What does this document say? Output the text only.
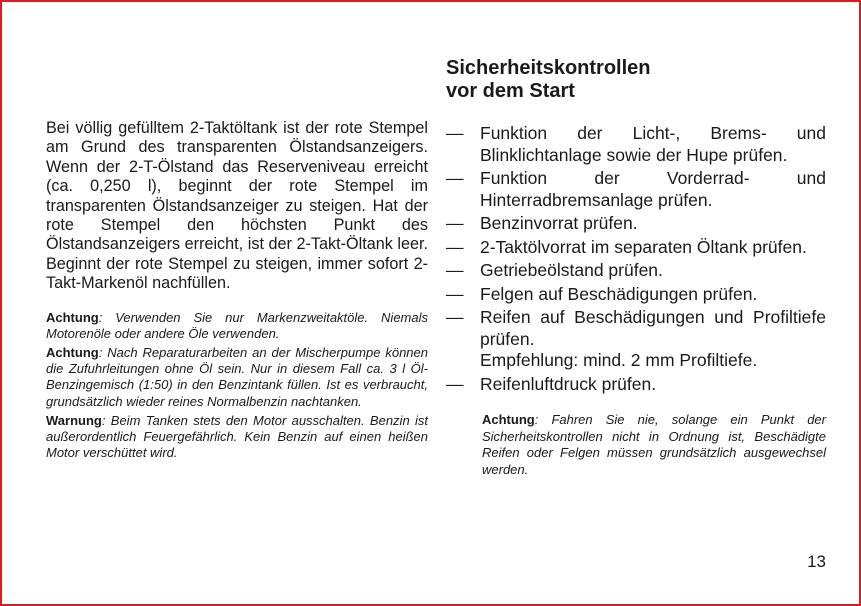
Bei völlig gefülltem 2-Taktöltank ist der rote Stempel am Grund des transparenten Ölstandsanzeigers. Wenn der 2-T-Ölstand das Reserveniveau erreicht (ca. 0,250 l), beginnt der rote Stempel im transparenten Ölstandsanzeiger zu steigen. Hat der rote Stempel den höchsten Punkt des Ölstandsanzeigers erreicht, ist der 2-Takt-Öltank leer. Beginnt der rote Stempel zu steigen, immer sofort 2-Takt-Markenöl nachfüllen.

Achtung: Verwenden Sie nur Markenzweitaktöle. Niemals Motorenöle oder andere Öle verwenden.

Achtung: Nach Reparaturarbeiten an der Mischerpumpe können die Zufuhrleitungen ohne Öl sein. Nur in diesem Fall ca. 3 l Öl-Benzingemisch (1:50) in den Benzintank füllen. Ist es verbraucht, grundsätzlich wieder reines Normalbenzin nachtanken.

Warnung: Beim Tanken stets den Motor ausschalten. Benzin ist außerordentlich Feuergefährlich. Kein Benzin auf einen heißen Motor verschüttet wird.

Sicherheitskontrollen
vor dem Start
— Funktion der Licht-, Brems- und Blinklichtanlage sowie der Hupe prüfen.
— Funktion der Vorderrad- und Hinterradbremsanlage prüfen.
— Benzinvorrat prüfen.
— 2-Taktölvorrat im separaten Öltank prüfen.
— Getriebeölstand prüfen.
— Felgen auf Beschädigungen prüfen.
— Reifen auf Beschädigungen und Profiltiefe prüfen.
Empfehlung: mind. 2 mm Profiltiefe.
— Reifenluftdruck prüfen.
Achtung: Fahren Sie nie, solange ein Punkt der Sicherheitskontrollen nicht in Ordnung ist, Beschädigte Reifen oder Felgen müssen grundsätzlich ausgewechsel werden.
13
